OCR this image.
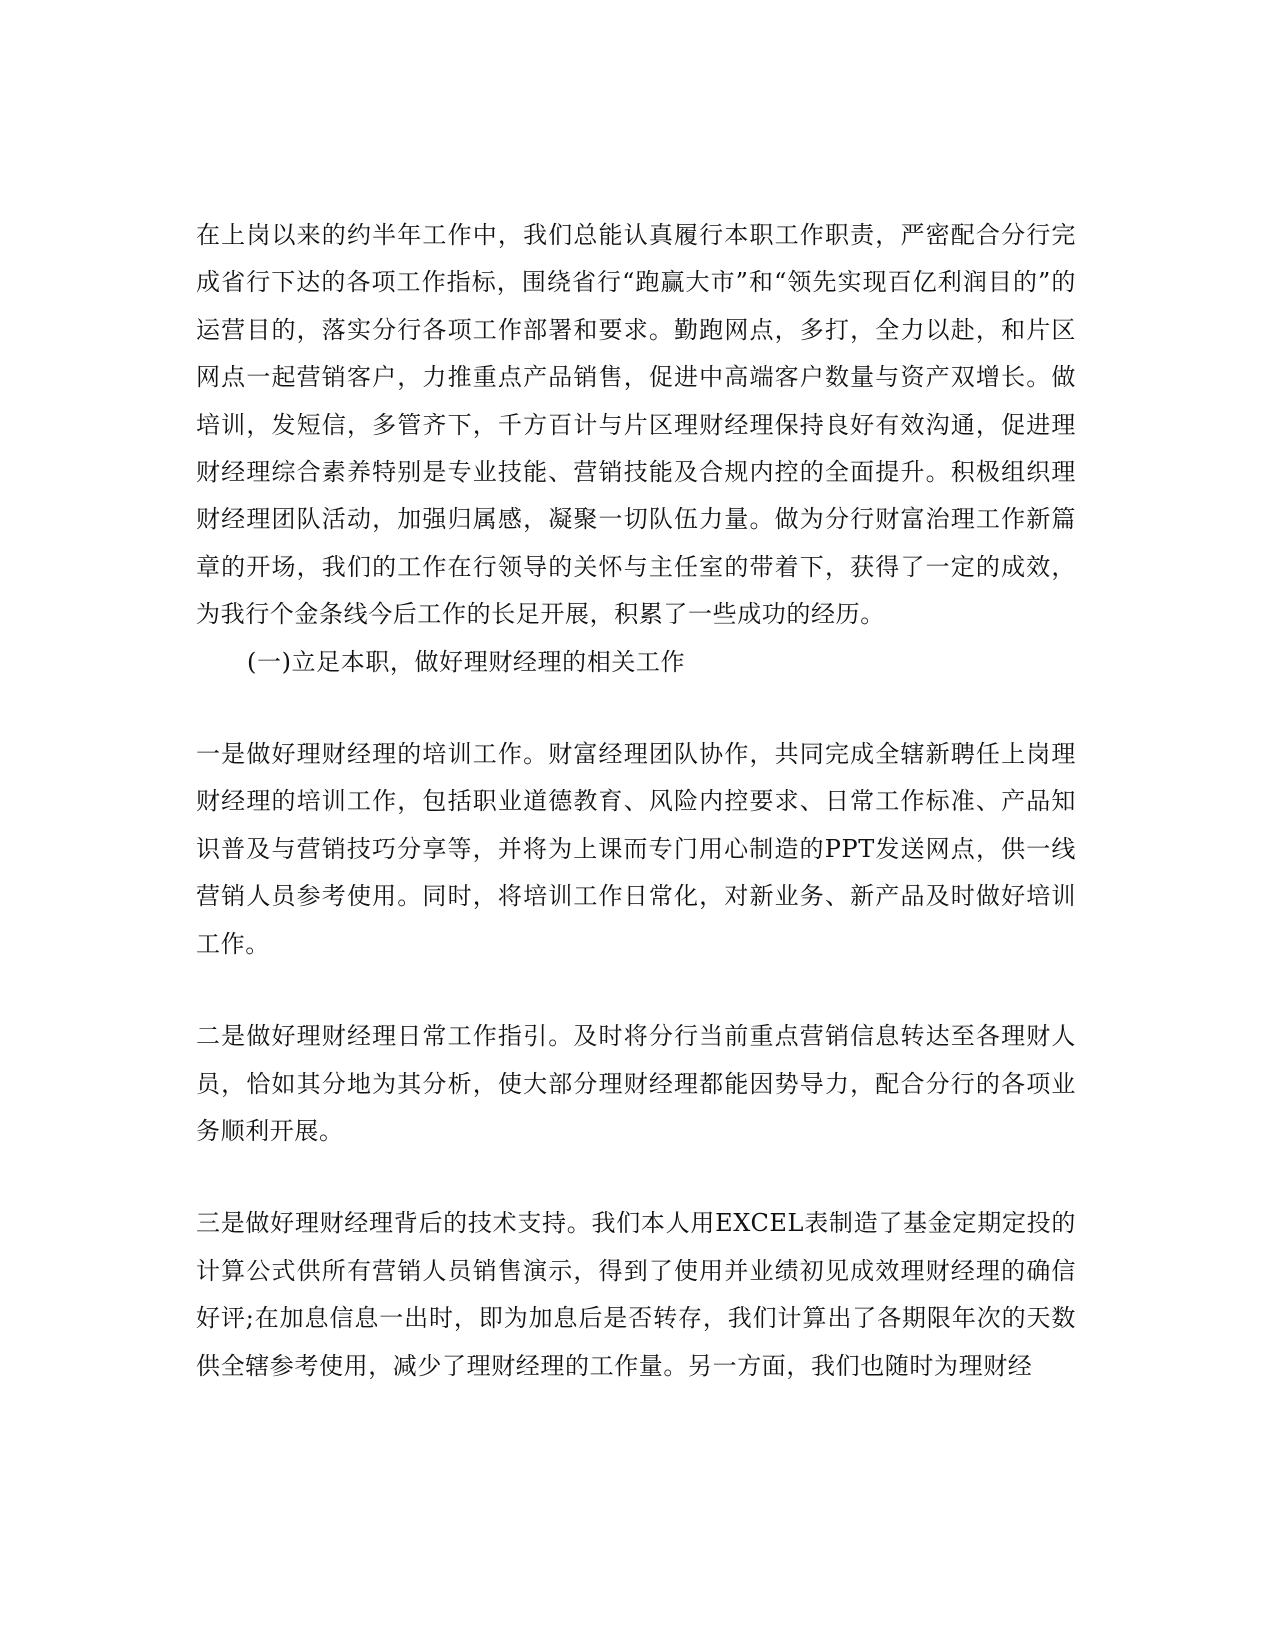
在上岗以来的约半年工作中，我们总能认真履行本职工作职责，严密配合分行完成省行下达的各项工作指标，围绕省行“跑赢大市”和“领先实现百亿利润目的”的运营目的，落实分行各项工作部署和要求。勤跑网点，多打，全力以赴，和片区网点一起营销客户，力推重点产品销售，促进中高端客户数量与资产双增长。做培训，发短信，多管齐下，千方百计与片区理财经理保持良好有效沟通，促进理财经理综合素养特别是专业技能、营销技能及合规内控的全面提升。积极组织理财经理团队活动，加强归属感，凝聚一切队伍力量。做为分行财富治理工作新篇章的开场，我们的工作在行领导的关怀与主任室的带着下，获得了一定的成效，为我行个金条线今后工作的长足开展，积累了一些成功的经历。

(一)立足本职，做好理财经理的相关工作

一是做好理财经理的培训工作。财富经理团队协作，共同完成全辖新聘任上岗理财经理的培训工作，包括职业道德教育、风险内控要求、日常工作标准、产品知识普及与营销技巧分享等，并将为上课而专门用心制造的PPT发送网点，供一线营销人员参考使用。同时，将培训工作日常化，对新业务、新产品及时做好培训工作。

二是做好理财经理日常工作指引。及时将分行当前重点营销信息转达至各理财人员，恰如其分地为其分析，使大部分理财经理都能因势导力，配合分行的各项业务顺利开展。

三是做好理财经理背后的技术支持。我们本人用EXCEL表制造了基金定期定投的计算公式供所有营销人员销售演示，得到了使用并业绩初见成效理财经理的确信好评;在加息信息一出时，即为加息后是否转存，我们计算出了各期限年次的天数供全辖参考使用，减少了理财经理的工作量。另一方面，我们也随时为理财经
